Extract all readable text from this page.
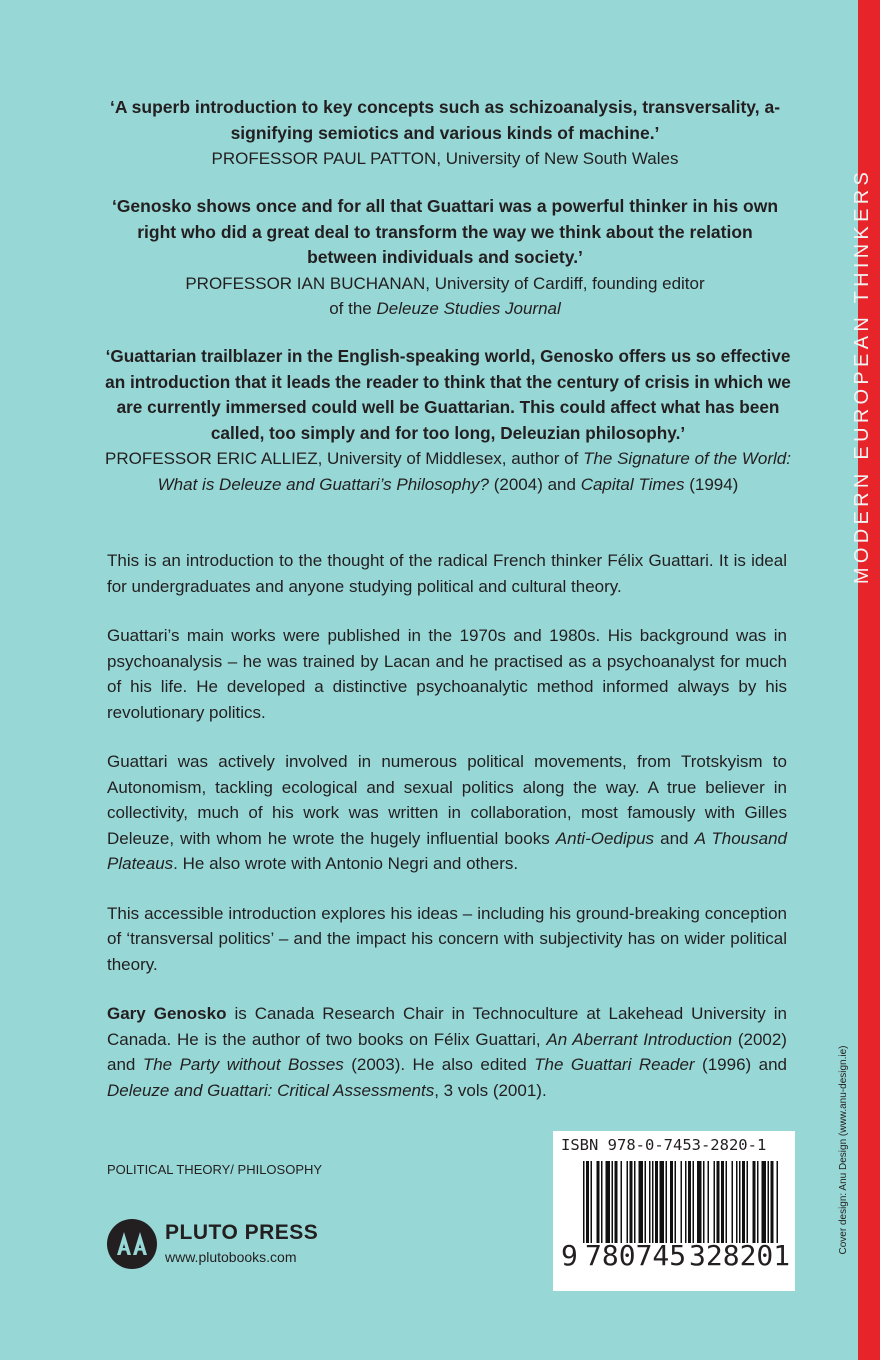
MODERN EUROPEAN THINKERS
Cover design: Anu Design (www.anu-design.ie)

‘A superb introduction to key concepts such as schizoanalysis, transversality, a-signifying semiotics and various kinds of machine.’

PROFESSOR PAUL PATTON, University of New South Wales

‘Genosko shows once and for all that Guattari was a powerful thinker in his own right who did a great deal to transform the way we think about the relation between individuals and society.’

PROFESSOR IAN BUCHANAN, University of Cardiff, founding editor

of the Deleuze Studies Journal

‘Guattarian trailblazer in the English-speaking world, Genosko offers us so effective an introduction that it leads the reader to think that the century of crisis in which we are currently immersed could well be Guattarian. This could affect what has been called, too simply and for too long, Deleuzian philosophy.’

PROFESSOR ERIC ALLIEZ, University of Middlesex, author of The Signature of the World: What is Deleuze and Guattari’s Philosophy? (2004) and Capital Times (1994)

This is an introduction to the thought of the radical French thinker Félix Guattari. It is ideal for undergraduates and anyone studying political and cultural theory.

Guattari’s main works were published in the 1970s and 1980s. His background was in psychoanalysis – he was trained by Lacan and he practised as a psychoanalyst for much of his life. He developed a distinctive psychoanalytic method informed always by his revolutionary politics.

Guattari was actively involved in numerous political movements, from Trotskyism to Autonomism, tackling ecological and sexual politics along the way. A true believer in collectivity, much of his work was written in collaboration, most famously with Gilles Deleuze, with whom he wrote the hugely influential books Anti-Oedipus and A Thousand Plateaus. He also wrote with Antonio Negri and others.

This accessible introduction explores his ideas – including his ground-breaking conception of ‘transversal politics’ – and the impact his concern with subjectivity has on wider political theory.

Gary Genosko is Canada Research Chair in Technoculture at Lakehead University in Canada. He is the author of two books on Félix Guattari, An Aberrant Introduction (2002) and The Party without Bosses (2003). He also edited The Guattari Reader (1996) and Deleuze and Guattari: Critical Assessments, 3 vols (2001).

POLITICAL THEORY/ PHILOSOPHY
PLUTO PRESS
www.plutobooks.com
ISBN 978-0-7453-2820-1
9 780745 328201
